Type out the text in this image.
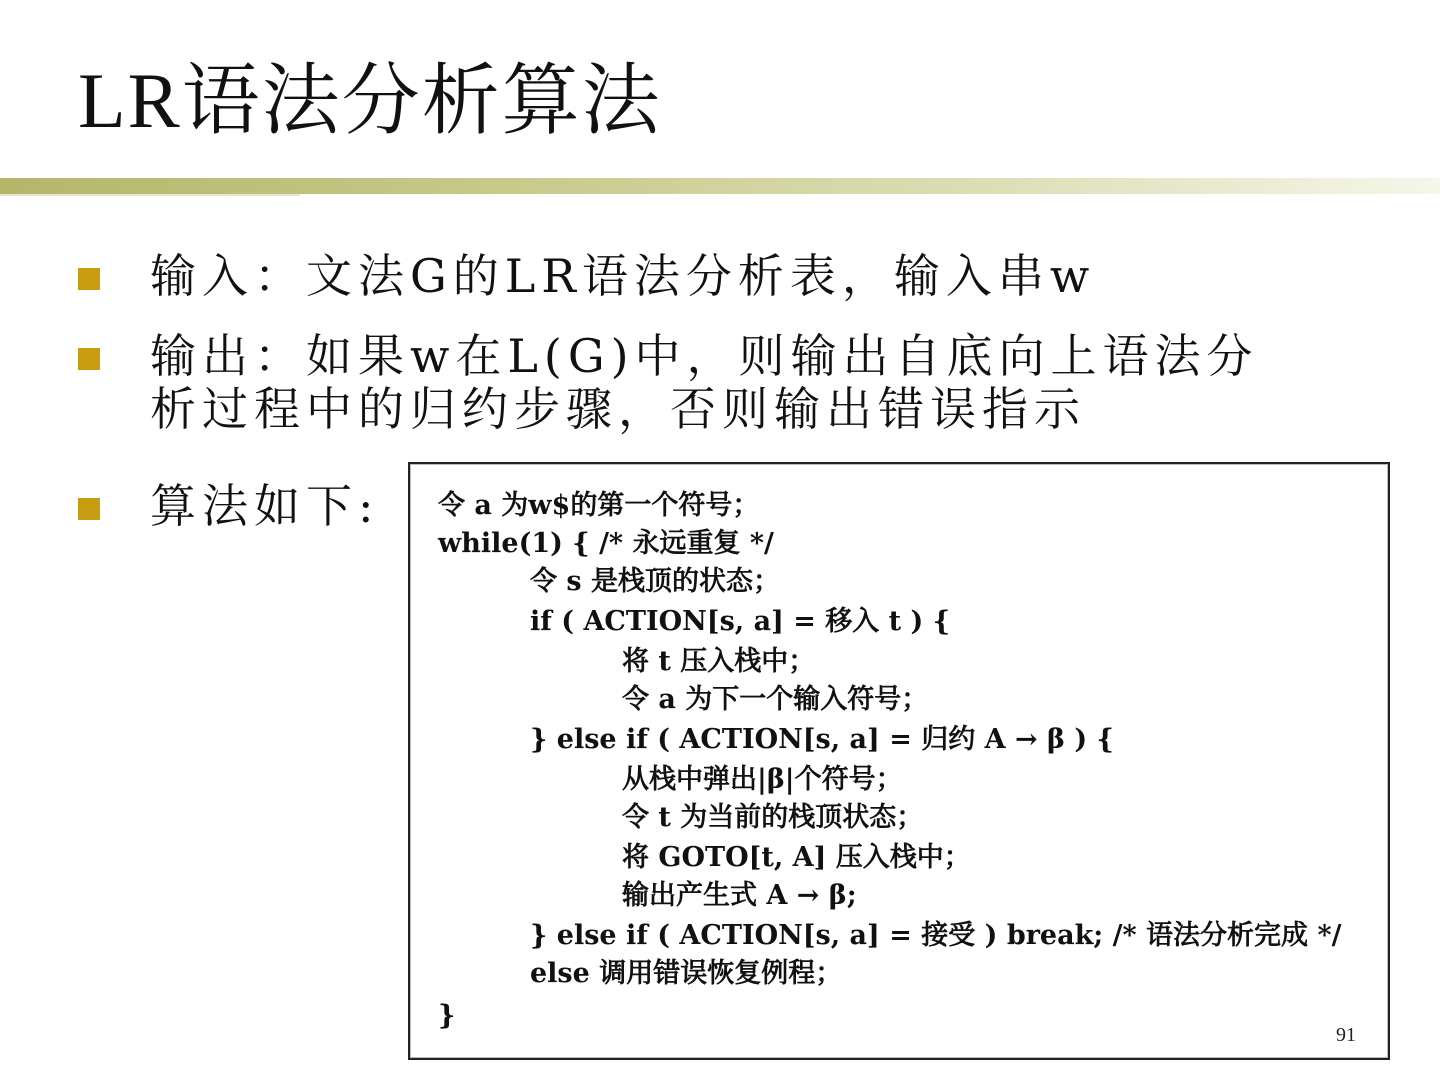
LR语法分析算法
输入：文法G的LR语法分析表，输入串w
输出：如果w在L(G)中，则输出自底向上语法分
析过程中的归约步骤，否则输出错误指示
算法如下: 令 a 为w$的第一个符号；
while(1) { /* 永远重复 */
令 s 是栈顶的状态；
if ( ACTION[s, a] = 移入 t ) {
将 t 压入栈中；
令 a 为下一个输入符号；
} else if ( ACTION[s, a] = 归约 A → β ) {
从栈中弹出|β|个符号；
令 t 为当前的栈顶状态；
将 GOTO[t, A] 压入栈中；
输出产生式 A → β;
} else if ( ACTION[s, a] = 接受 ) break; /* 语法分析完成 */
else 调用错误恢复例程；
}
91
